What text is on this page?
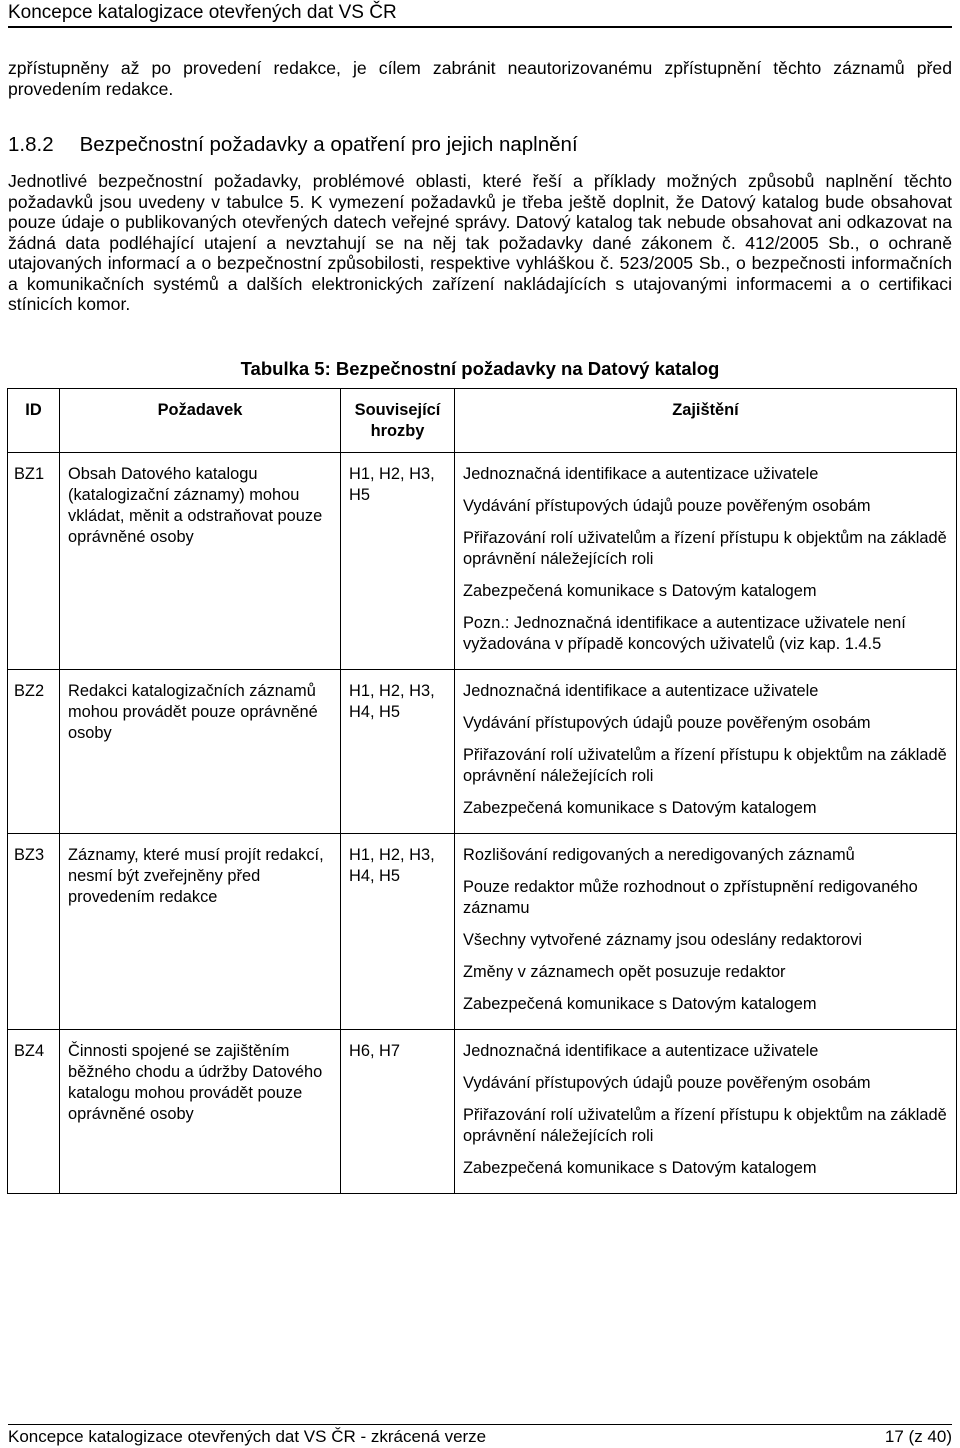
Koncepce katalogizace otevřených dat VS ČR

zpřístupněny až po provedení redakce, je cílem zabránit neautorizovanému zpřístupnění těchto záznamů před provedením redakce.

1.8.2 Bezpečnostní požadavky a opatření pro jejich naplnění

Jednotlivé bezpečnostní požadavky, problémové oblasti, které řeší a příklady možných způsobů naplnění těchto požadavků jsou uvedeny v tabulce 5. K vymezení požadavků je třeba ještě doplnit, že Datový katalog bude obsahovat pouze údaje o publikovaných otevřených datech veřejné správy. Datový katalog tak nebude obsahovat ani odkazovat na žádná data podléhající utajení a nevztahují se na něj tak požadavky dané zákonem č. 412/2005 Sb., o ochraně utajovaných informací a o bezpečnostní způsobilosti, respektive vyhláškou č. 523/2005 Sb., o bezpečnosti informačních a komunikačních systémů a dalších elektronických zařízení nakládajících s utajovanými informacemi a o certifikaci stínicích komor.

Tabulka 5: Bezpečnostní požadavky na Datový katalog
ID	Požadavek	Související hrozby	Zajištění
BZ1	Obsah Datového katalogu (katalogizační záznamy) mohou vkládat, měnit a odstraňovat pouze oprávněné osoby	H1, H2, H3, H5	Jednoznačná identifikace a autentizace uživatele
Vydávání přístupových údajů pouze pověřeným osobám
Přiřazování rolí uživatelům a řízení přístupu k objektům na základě oprávnění náležejících roli
Zabezpečená komunikace s Datovým katalogem
Pozn.: Jednoznačná identifikace a autentizace uživatele není vyžadována v případě koncových uživatelů (viz kap. 1.4.5

BZ2	Redakci katalogizačních záznamů mohou provádět pouze oprávněné osoby	H1, H2, H3, H4, H5	Jednoznačná identifikace a autentizace uživatele
Vydávání přístupových údajů pouze pověřeným osobám
Přiřazování rolí uživatelům a řízení přístupu k objektům na základě oprávnění náležejících roli
Zabezpečená komunikace s Datovým katalogem

BZ3	Záznamy, které musí projít redakcí, nesmí být zveřejněny před provedením redakce	H1, H2, H3, H4, H5	Rozlišování redigovaných a neredigovaných záznamů
Pouze redaktor může rozhodnout o zpřístupnění redigovaného záznamu
Všechny vytvořené záznamy jsou odeslány redaktorovi
Změny v záznamech opět posuzuje redaktor
Zabezpečená komunikace s Datovým katalogem

BZ4	Činnosti spojené se zajištěním běžného chodu a údržby Datového katalogu mohou provádět pouze oprávněné osoby	H6, H7	Jednoznačná identifikace a autentizace uživatele
Vydávání přístupových údajů pouze pověřeným osobám
Přiřazování rolí uživatelům a řízení přístupu k objektům na základě oprávnění náležejících roli
Zabezpečená komunikace s Datovým katalogem
Koncepce katalogizace otevřených dat VS ČR - zkrácená verze	17 (z 40)
